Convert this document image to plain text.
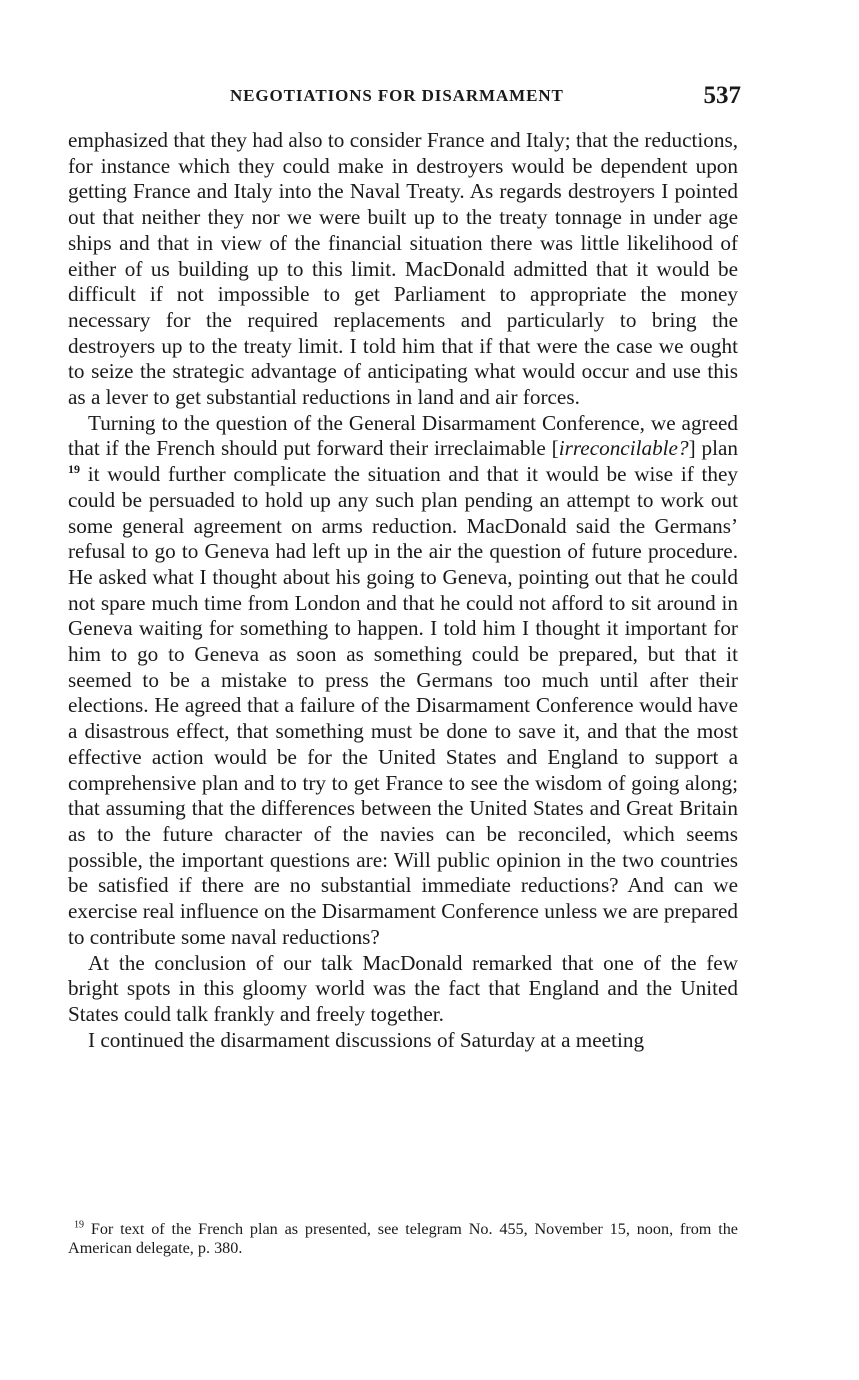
NEGOTIATIONS FOR DISARMAMENT	537

emphasized that they had also to consider France and Italy; that the reductions, for instance which they could make in destroyers would be dependent upon getting France and Italy into the Naval Treaty. As regards destroyers I pointed out that neither they nor we were built up to the treaty tonnage in under age ships and that in view of the financial situation there was little likelihood of either of us building up to this limit. MacDonald admitted that it would be difficult if not impossible to get Parliament to appropriate the money necessary for the required replacements and particularly to bring the destroyers up to the treaty limit. I told him that if that were the case we ought to seize the strategic advantage of anticipating what would occur and use this as a lever to get substantial reductions in land and air forces.

Turning to the question of the General Disarmament Conference, we agreed that if the French should put forward their irreclaimable [irreconcilable?] plan $^{19}$ it would further complicate the situation and that it would be wise if they could be persuaded to hold up any such plan pending an attempt to work out some general agreement on arms reduction. MacDonald said the Germans’ refusal to go to Geneva had left up in the air the question of future procedure. He asked what I thought about his going to Geneva, pointing out that he could not spare much time from London and that he could not afford to sit around in Geneva waiting for something to happen. I told him I thought it important for him to go to Geneva as soon as something could be prepared, but that it seemed to be a mistake to press the Germans too much until after their elections. He agreed that a failure of the Disarmament Conference would have a disastrous effect, that something must be done to save it, and that the most effective action would be for the United States and England to support a comprehensive plan and to try to get France to see the wisdom of going along; that assuming that the differences between the United States and Great Britain as to the future character of the navies can be reconciled, which seems possible, the important questions are: Will public opinion in the two countries be satisfied if there are no substantial immediate reductions? And can we exercise real influence on the Disarmament Conference unless we are prepared to contribute some naval reductions?

At the conclusion of our talk MacDonald remarked that one of the few bright spots in this gloomy world was the fact that England and the United States could talk frankly and freely together.

I continued the disarmament discussions of Saturday at a meeting

$^{19}$ For text of the French plan as presented, see telegram No. 455, November 15, noon, from the American delegate, p. 380.
